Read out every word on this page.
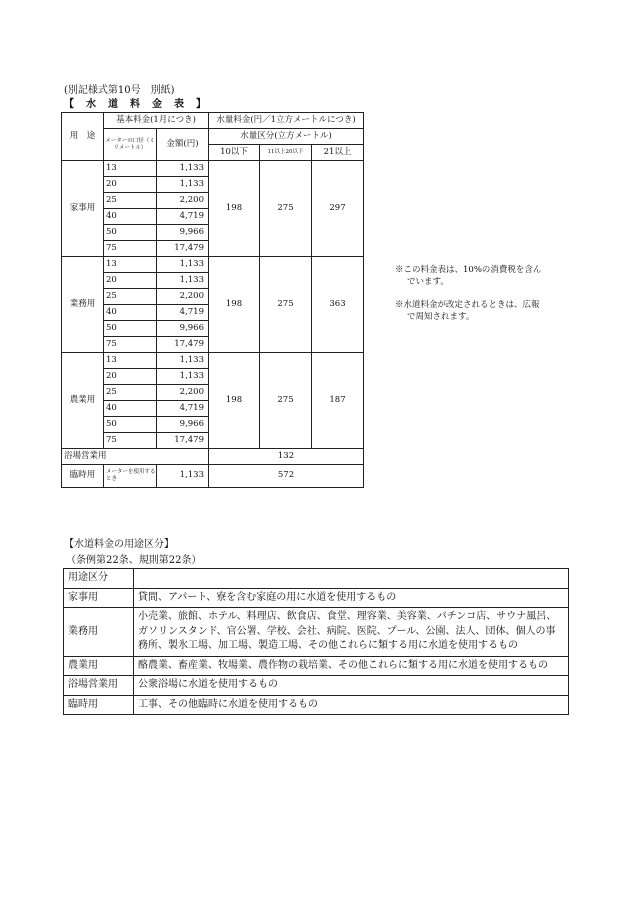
(別記様式第10号　別紙)
【　水　道　料　金　表　】
用　途	基本料金(1月につき)		水量料金(円／1立方メートルにつき)		
	メーターの口径（ミリメートル）	金額(円)	水量区分(立方メートル)		
			10以下	11以上20以下	21以上
家事用	13	1,133	198	275	297
	20	1,133			
	25	2,200			
	40	4,719			
	50	9,966			
	75	17,479			
業務用	13	1,133	198	275	363
	20	1,133			
	25	2,200			
	40	4,719			
	50	9,966			
	75	17,479			
農業用	13	1,133	198	275	187
	20	1,133			
	25	2,200			
	40	4,719			
	50	9,966			
	75	17,479			
浴場営業用			132		
臨時用	メーターを使用するとき	1,133	572		

※この料金表は、10%の消費税を含ん

でいます。

※水道料金が改定されるときは、広報

で周知されます。

【水道料金の用途区分】
（条例第22条、規則第22条）
用途区分	
家事用	貸間、アパート、寮を含む家庭の用に水道を使用するもの
業務用	小売業、旅館、ホテル、料理店、飲食店、食堂、理容業、美容業、パチンコ店、サウナ風呂、ガソリンスタンド、官公署、学校、会社、病院、医院、プール、公園、法人、団体、個人の事務所、製氷工場、加工場、製造工場、その他これらに類する用に水道を使用するもの
農業用	酪農業、畜産業、牧場業、農作物の栽培業、その他これらに類する用に水道を使用するもの
浴場営業用	公衆浴場に水道を使用するもの
臨時用	工事、その他臨時に水道を使用するもの
